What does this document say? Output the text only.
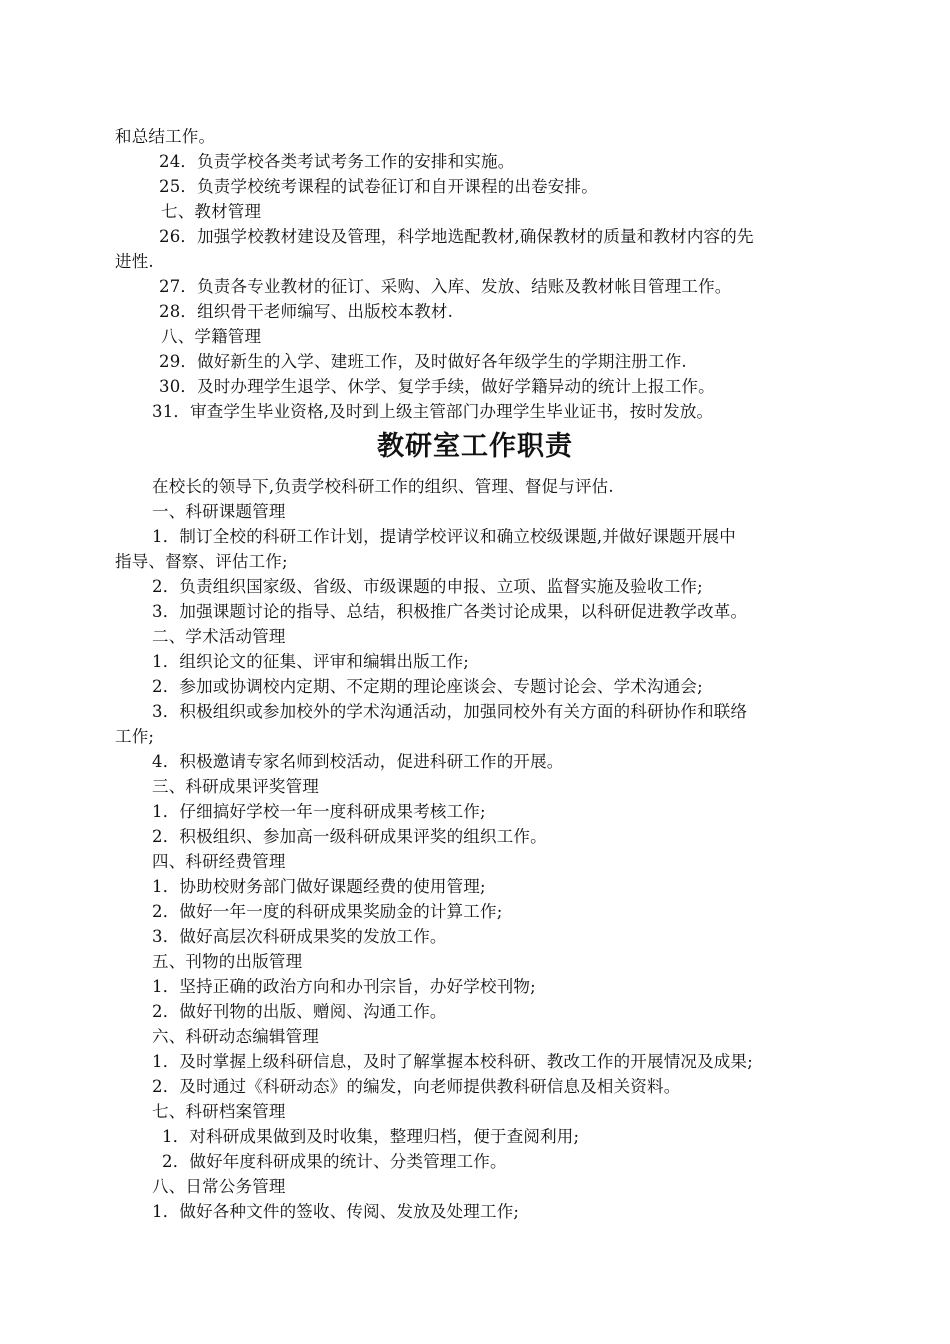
和总结工作。
24．负责学校各类考试考务工作的安排和实施。
25．负责学校统考课程的试卷征订和自开课程的出卷安排。
七、教材管理
26．加强学校教材建设及管理，科学地选配教材,确保教材的质量和教材内容的先
进性.
27．负责各专业教材的征订、采购、入库、发放、结账及教材帐目管理工作。
28．组织骨干老师编写、出版校本教材.
八、学籍管理
29．做好新生的入学、建班工作，及时做好各年级学生的学期注册工作.
30．及时办理学生退学、休学、复学手续，做好学籍异动的统计上报工作。
31．审查学生毕业资格,及时到上级主管部门办理学生毕业证书，按时发放。
教研室工作职责
在校长的领导下,负责学校科研工作的组织、管理、督促与评估.
一、科研课题管理
1．制订全校的科研工作计划，提请学校评议和确立校级课题,并做好课题开展中
指导、督察、评估工作;
2．负责组织国家级、省级、市级课题的申报、立项、监督实施及验收工作;
3．加强课题讨论的指导、总结，积极推广各类讨论成果，以科研促进教学改革。
二、学术活动管理
1．组织论文的征集、评审和编辑出版工作;
2．参加或协调校内定期、不定期的理论座谈会、专题讨论会、学术沟通会;
3．积极组织或参加校外的学术沟通活动，加强同校外有关方面的科研协作和联络
工作;
4．积极邀请专家名师到校活动，促进科研工作的开展。
三、科研成果评奖管理
1．仔细搞好学校一年一度科研成果考核工作;
2．积极组织、参加高一级科研成果评奖的组织工作。
四、科研经费管理
1．协助校财务部门做好课题经费的使用管理;
2．做好一年一度的科研成果奖励金的计算工作;
3．做好高层次科研成果奖的发放工作。
五、刊物的出版管理
1．坚持正确的政治方向和办刊宗旨，办好学校刊物;
2．做好刊物的出版、赠阅、沟通工作。
六、科研动态编辑管理
1．及时掌握上级科研信息，及时了解掌握本校科研、教改工作的开展情况及成果;
2．及时通过《科研动态》的编发，向老师提供教科研信息及相关资料。
七、科研档案管理
1．对科研成果做到及时收集，整理归档，便于查阅利用;
2．做好年度科研成果的统计、分类管理工作。
八、日常公务管理
1．做好各种文件的签收、传阅、发放及处理工作;
